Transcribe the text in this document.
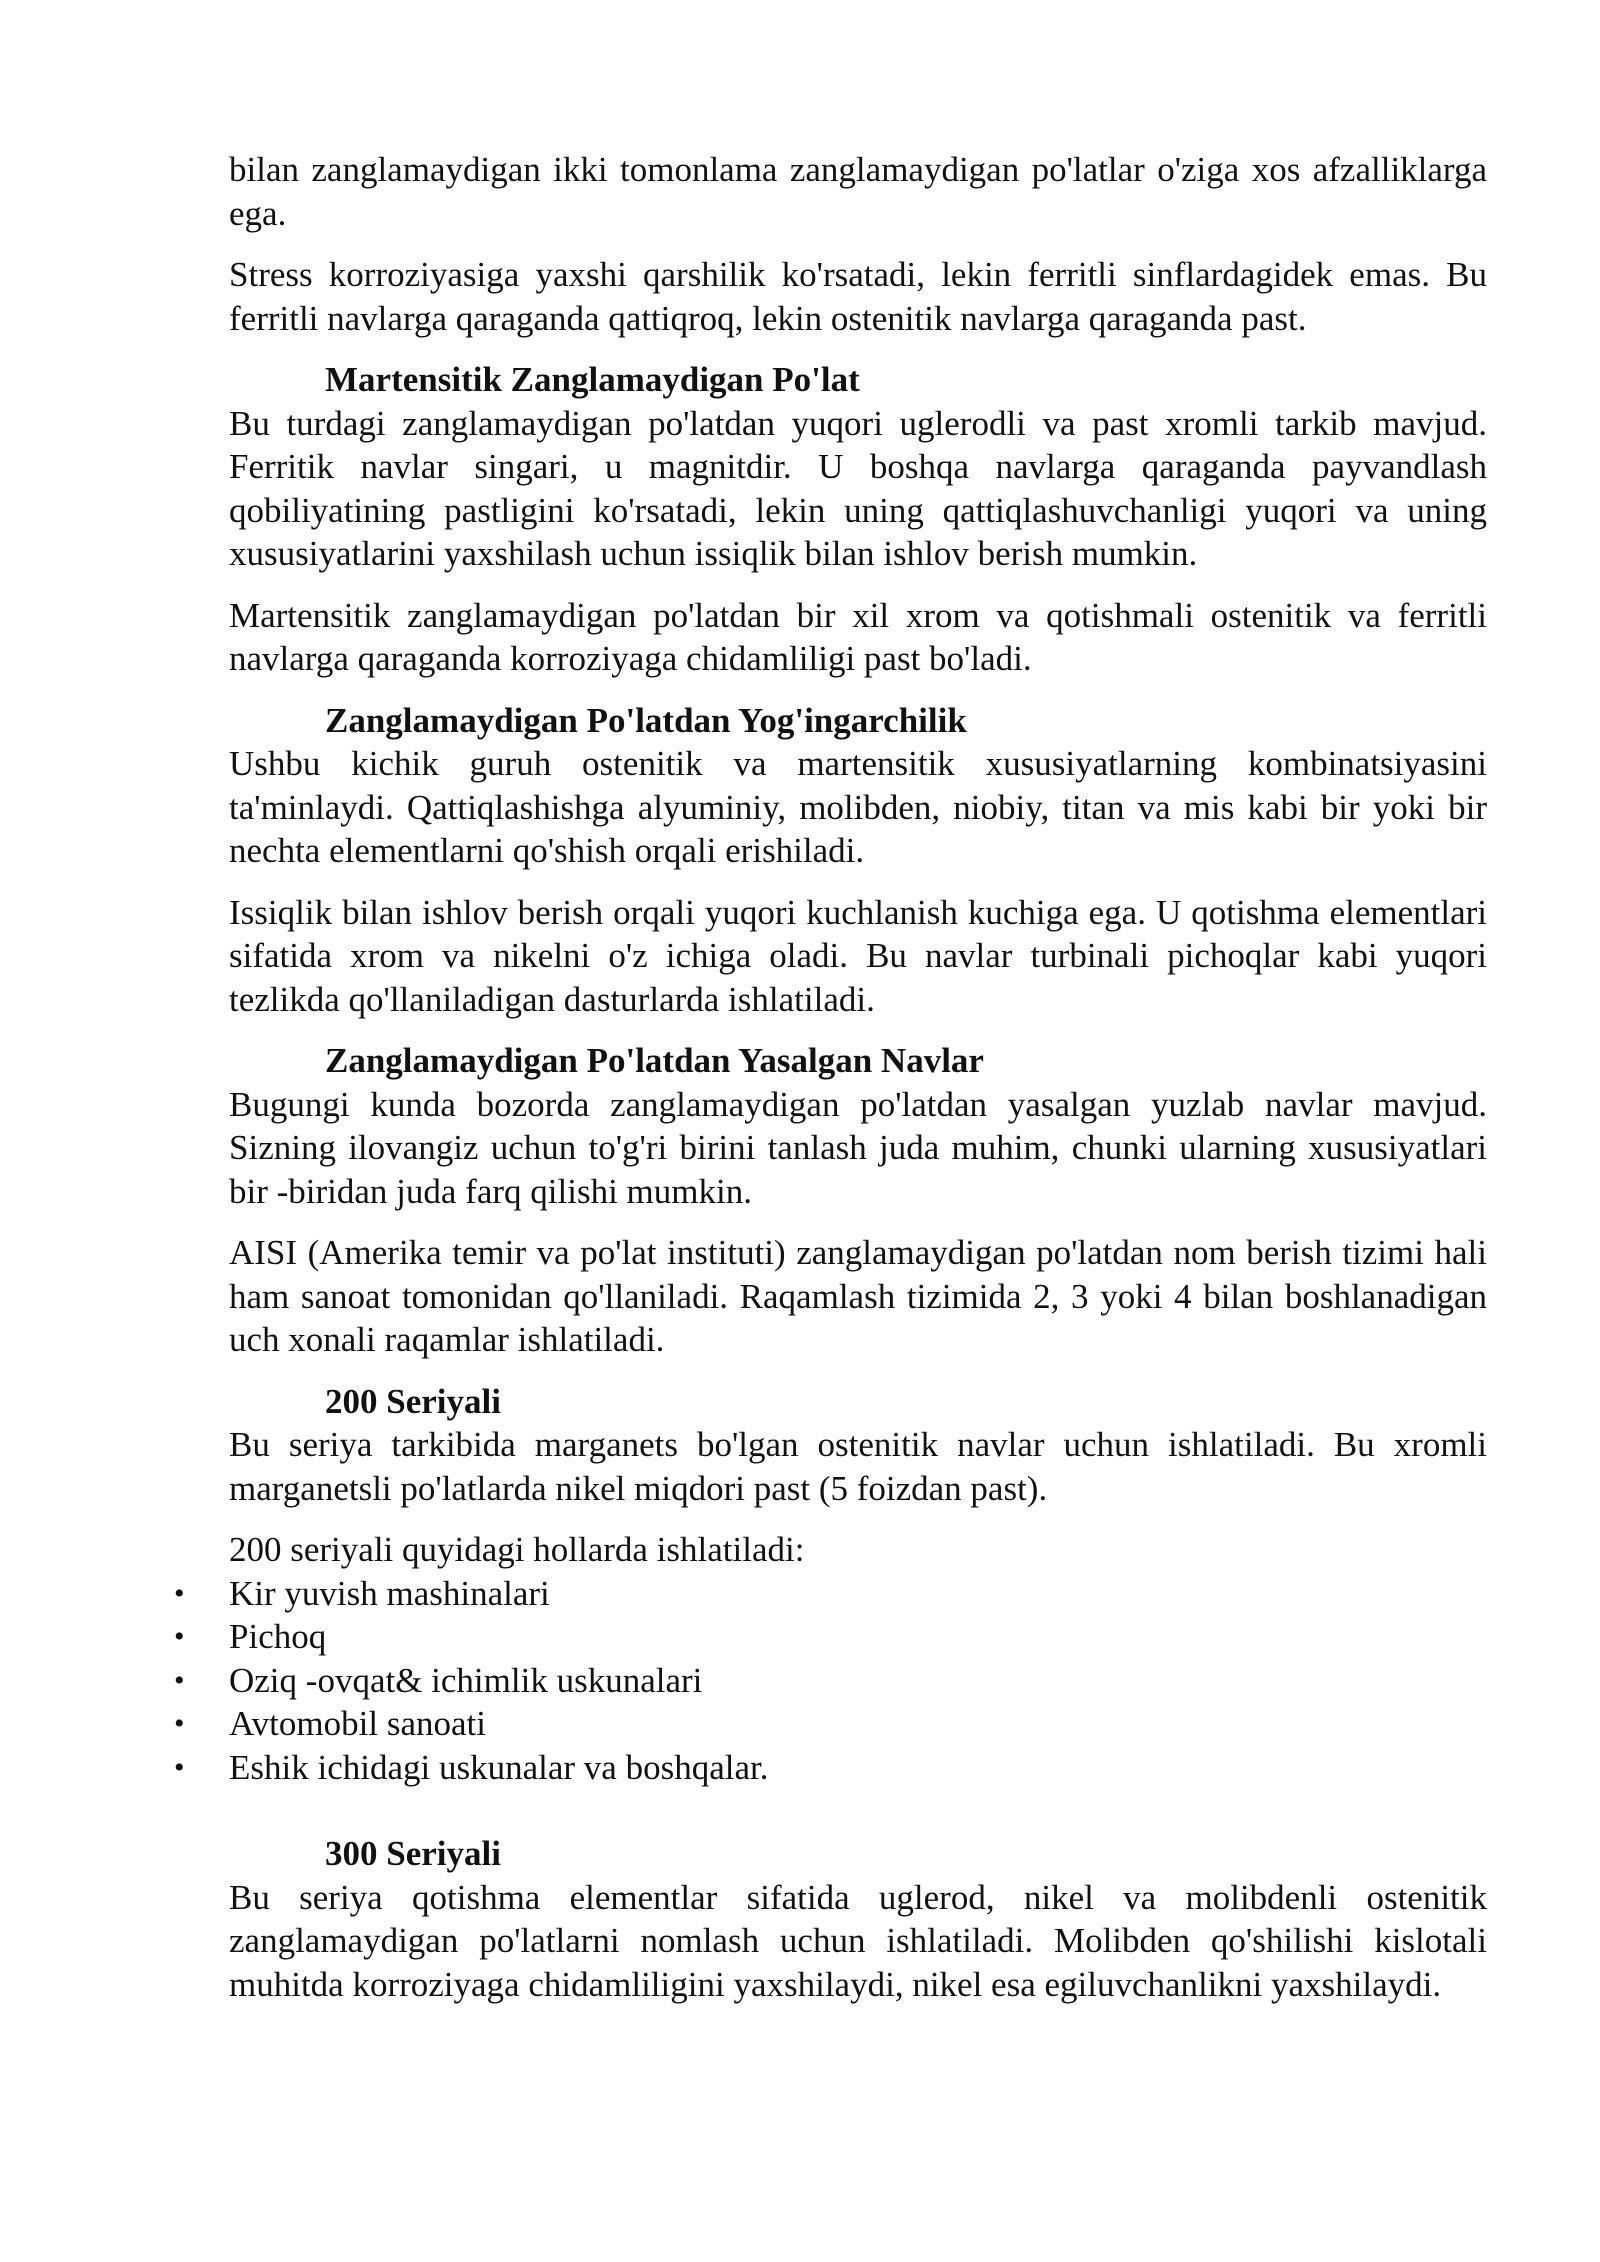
bilan zanglamaydigan ikki tomonlama zanglamaydigan po'latlar o'ziga xos afzalliklarga ega.

Stress korroziyasiga yaxshi qarshilik ko'rsatadi, lekin ferritli sinflardagidek emas. Bu ferritli navlarga qaraganda qattiqroq, lekin ostenitik navlarga qaraganda past.

Martensitik Zanglamaydigan Po'lat

Bu turdagi zanglamaydigan po'latdan yuqori uglerodli va past xromli tarkib mavjud. Ferritik navlar singari, u magnitdir. U boshqa navlarga qaraganda payvandlash qobiliyatining pastligini ko'rsatadi, lekin uning qattiqlashuvchanligi yuqori va uning xususiyatlarini yaxshilash uchun issiqlik bilan ishlov berish mumkin.

Martensitik zanglamaydigan po'latdan bir xil xrom va qotishmali ostenitik va ferritli navlarga qaraganda korroziyaga chidamliligi past bo'ladi.

Zanglamaydigan Po'latdan Yog'ingarchilik

Ushbu kichik guruh ostenitik va martensitik xususiyatlarning kombinatsiyasini ta'minlaydi. Qattiqlashishga alyuminiy, molibden, niobiy, titan va mis kabi bir yoki bir nechta elementlarni qo'shish orqali erishiladi.

Issiqlik bilan ishlov berish orqali yuqori kuchlanish kuchiga ega. U qotishma elementlari sifatida xrom va nikelni o'z ichiga oladi. Bu navlar turbinali pichoqlar kabi yuqori tezlikda qo'llaniladigan dasturlarda ishlatiladi.

Zanglamaydigan Po'latdan Yasalgan Navlar

Bugungi kunda bozorda zanglamaydigan po'latdan yasalgan yuzlab navlar mavjud. Sizning ilovangiz uchun to'g'ri birini tanlash juda muhim, chunki ularning xususiyatlari bir -biridan juda farq qilishi mumkin.

AISI (Amerika temir va po'lat instituti) zanglamaydigan po'latdan nom berish tizimi hali ham sanoat tomonidan qo'llaniladi. Raqamlash tizimida 2, 3 yoki 4 bilan boshlanadigan uch xonali raqamlar ishlatiladi.

200 Seriyali

Bu seriya tarkibida marganets bo'lgan ostenitik navlar uchun ishlatiladi. Bu xromli marganetsli po'latlarda nikel miqdori past (5 foizdan past).

200 seriyali quyidagi hollarda ishlatiladi:

• Kir yuvish mashinalari
• Pichoq
• Oziq -ovqat& ichimlik uskunalari
• Avtomobil sanoati
• Eshik ichidagi uskunalar va boshqalar.
300 Seriyali

Bu seriya qotishma elementlar sifatida uglerod, nikel va molibdenli ostenitik zanglamaydigan po'latlarni nomlash uchun ishlatiladi. Molibden qo'shilishi kislotali muhitda korroziyaga chidamliligini yaxshilaydi, nikel esa egiluvchanlikni yaxshilaydi.
